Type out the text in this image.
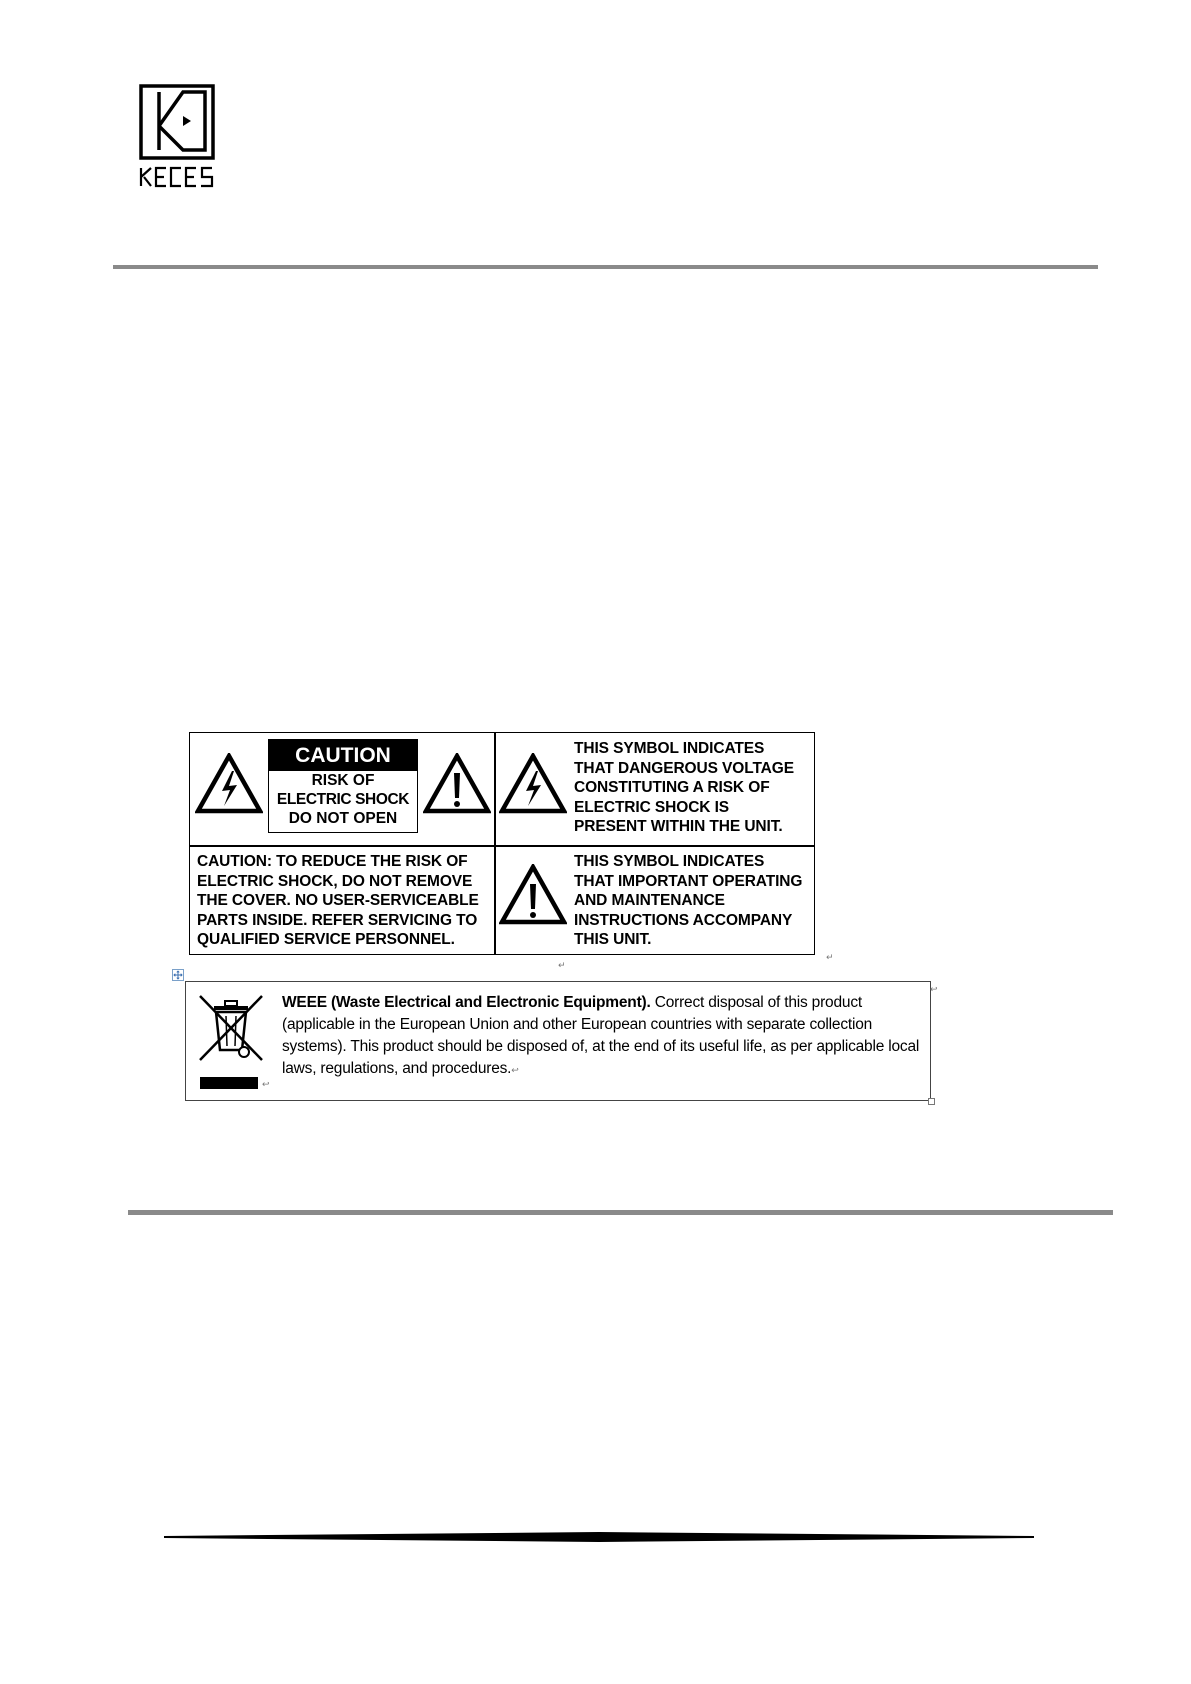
CAUTION
RISK OF
ELECTRIC SHOCK
DO NOT OPEN
THIS SYMBOL INDICATES
THAT DANGEROUS VOLTAGE
CONSTITUTING A RISK OF
ELECTRIC SHOCK IS
PRESENT WITHIN THE UNIT.
CAUTION: TO REDUCE THE RISK OF
ELECTRIC SHOCK, DO NOT REMOVE
THE COVER. NO USER-SERVICEABLE
PARTS INSIDE. REFER SERVICING TO
QUALIFIED SERVICE PERSONNEL.
THIS SYMBOL INDICATES
THAT IMPORTANT OPERATING
AND MAINTENANCE
INSTRUCTIONS ACCOMPANY
THIS UNIT.
↵
↵
↩
WEEE (Waste Electrical and Electronic Equipment). Correct disposal of this product (applicable in the European Union and other European countries with separate collection systems). This product should be disposed of, at the end of its useful life, as per applicable local laws, regulations, and procedures.↩
↩
